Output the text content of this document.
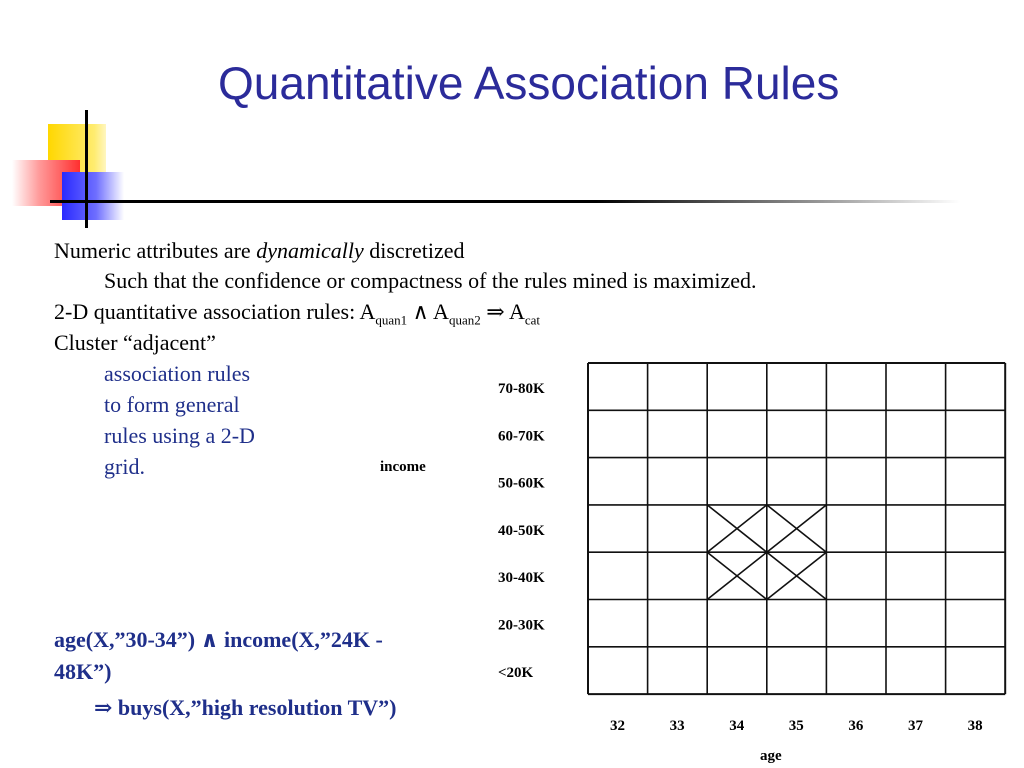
Quantitative Association Rules
Numeric attributes are dynamically discretized
Such that the confidence or compactness of the rules mined is maximized.
2-D quantitative association rules: $A_{quan1}$ ∧ $A_{quan2}$ ⇒ $A_{cat}$
Cluster “adjacent”
association rules
to form general
rules using a 2-D
grid.
age(X,”30-34”) ∧ income(X,”24K -
48K”)
⇒ buys(X,”high resolution TV”)
70-80K
60-70K
50-60K
40-50K
30-40K
20-30K
<20K
32	33	34	35	36	37	38
income
age
